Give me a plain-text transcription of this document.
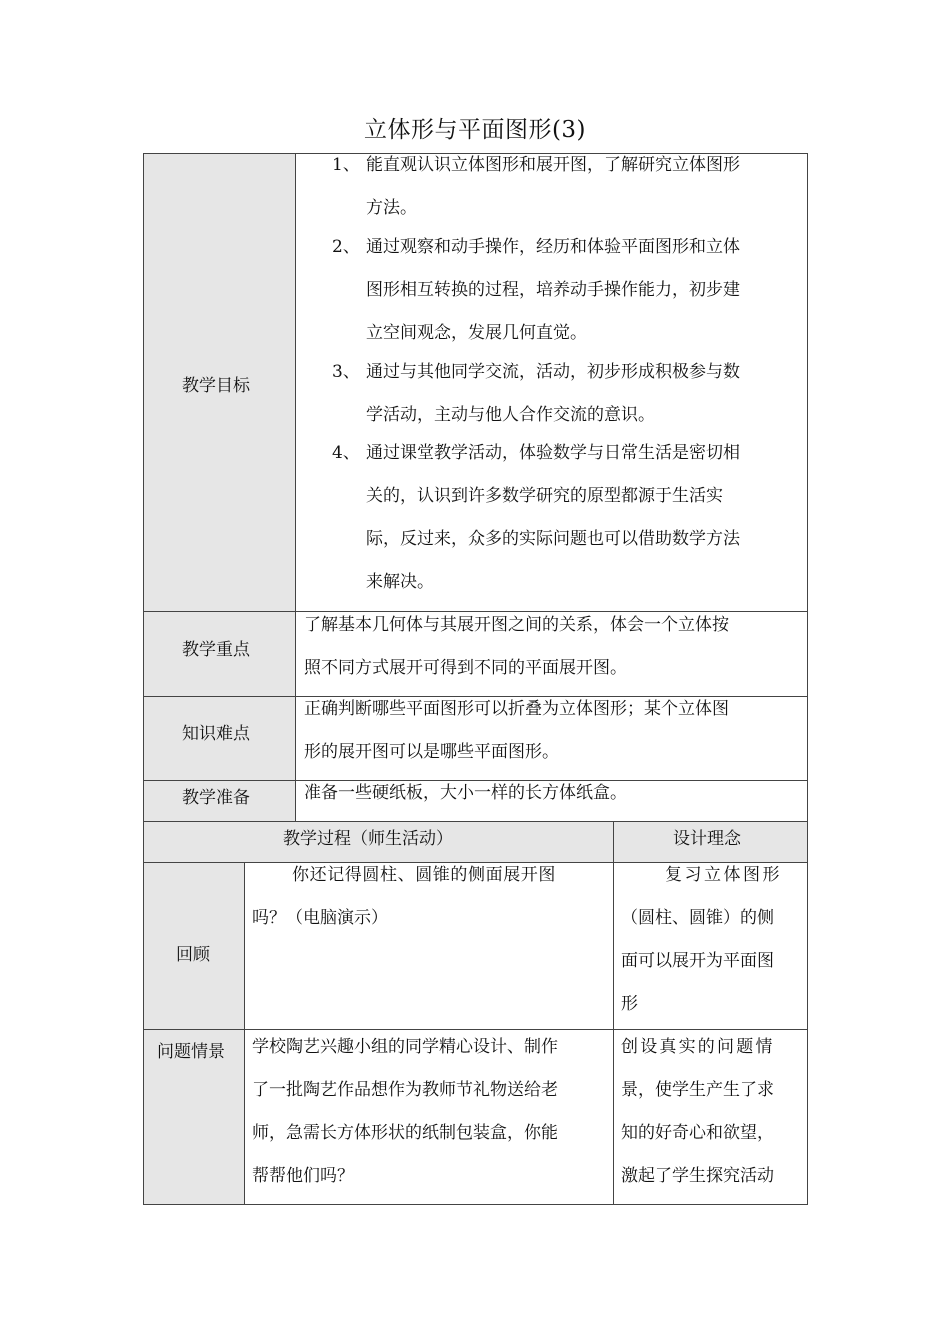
立体形与平面图形(3)
教学目标
1、 能直观认识立体图形和展开图，了解研究立体图形
方法。
2、 通过观察和动手操作，经历和体验平面图形和立体
图形相互转换的过程，培养动手操作能力，初步建
立空间观念，发展几何直觉。
3、 通过与其他同学交流，活动，初步形成积极参与数
学活动，主动与他人合作交流的意识。
4、 通过课堂教学活动，体验数学与日常生活是密切相
关的，认识到许多数学研究的原型都源于生活实
际，反过来，众多的实际问题也可以借助数学方法
来解决。
教学重点
了解基本几何体与其展开图之间的关系，体会一个立体按
照不同方式展开可得到不同的平面展开图。
知识难点
正确判断哪些平面图形可以折叠为立体图形；某个立体图
形的展开图可以是哪些平面图形。
教学准备	准备一些硬纸板，大小一样的长方体纸盒。
教学过程（师生活动）	设计理念
回顾
你还记得圆柱、圆锥的侧面展开图
吗？（电脑演示）
复习立体图形
（圆柱、圆锥）的侧
面可以展开为平面图
形
问题情景 学校陶艺兴趣小组的同学精心设计、制作
了一批陶艺作品想作为教师节礼物送给老
师，急需长方体形状的纸制包装盒，你能
帮帮他们吗？
创设真实的问题情
景，使学生产生了求
知的好奇心和欲望，
激起了学生探究活动
